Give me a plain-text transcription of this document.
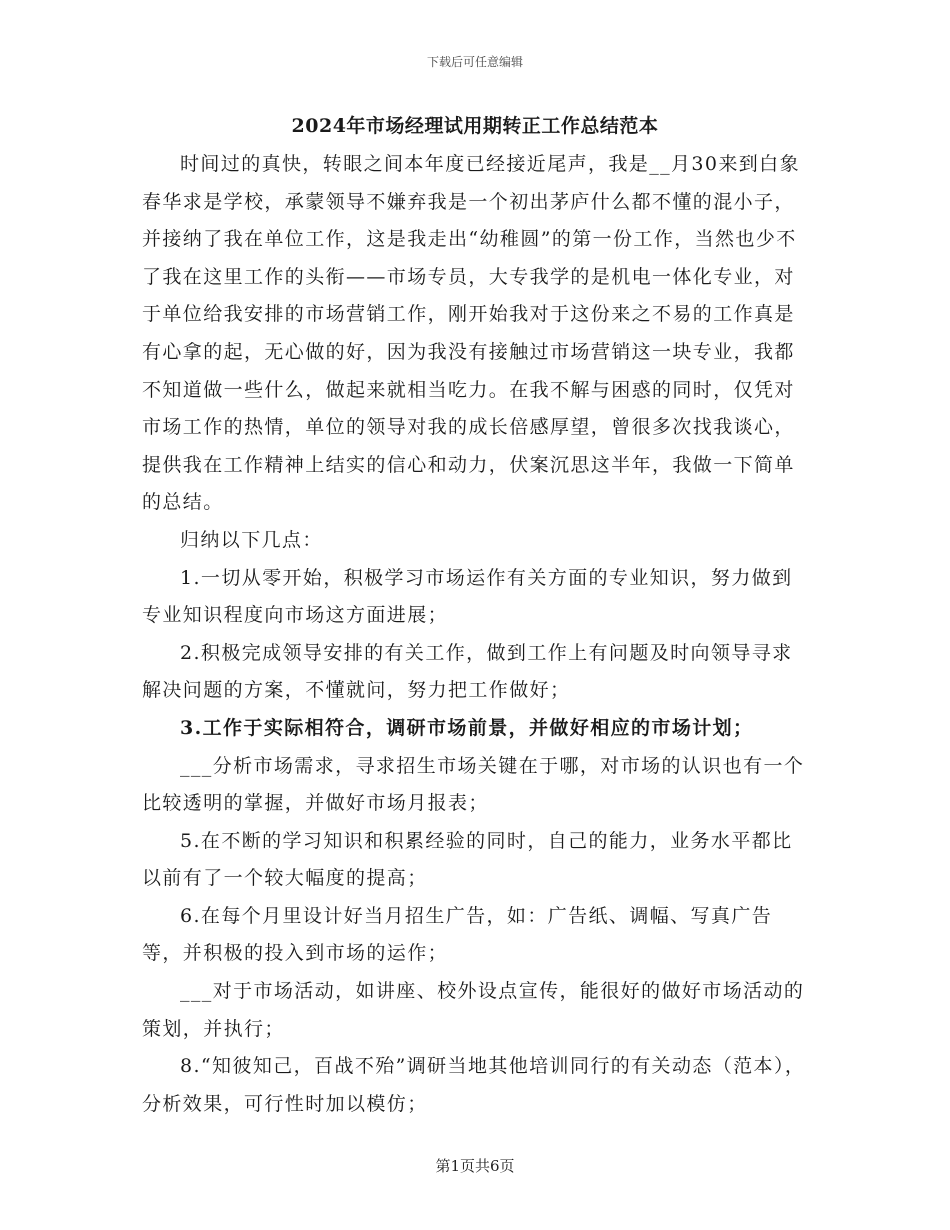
下载后可任意编辑
2024年市场经理试用期转正工作总结范本

时间过的真快，转眼之间本年度已经接近尾声，我是__月30来到白象春华求是学校，承蒙领导不嫌弃我是一个初出茅庐什么都不懂的混小子，并接纳了我在单位工作，这是我走出“幼稚圆”的第一份工作，当然也少不了我在这里工作的头衔——市场专员，大专我学的是机电一体化专业，对于单位给我安排的市场营销工作，刚开始我对于这份来之不易的工作真是有心拿的起，无心做的好，因为我没有接触过市场营销这一块专业，我都不知道做一些什么，做起来就相当吃力。在我不解与困惑的同时，仅凭对市场工作的热情，单位的领导对我的成长倍感厚望，曾很多次找我谈心，提供我在工作精神上结实的信心和动力，伏案沉思这半年，我做一下简单的总结。

归纳以下几点：

1.一切从零开始，积极学习市场运作有关方面的专业知识，努力做到专业知识程度向市场这方面进展；

2.积极完成领导安排的有关工作，做到工作上有问题及时向领导寻求解决问题的方案，不懂就问，努力把工作做好；

3.工作于实际相符合，调研市场前景，并做好相应的市场计划；

___分析市场需求，寻求招生市场关键在于哪，对市场的认识也有一个比较透明的掌握，并做好市场月报表；

5.在不断的学习知识和积累经验的同时，自己的能力，业务水平都比以前有了一个较大幅度的提高；

6.在每个月里设计好当月招生广告，如：广告纸、调幅、写真广告等，并积极的投入到市场的运作；

___对于市场活动，如讲座、校外设点宣传，能很好的做好市场活动的策划，并执行；

8.“知彼知己，百战不殆”调研当地其他培训同行的有关动态（范本），分析效果，可行性时加以模仿；

第1页共6页
